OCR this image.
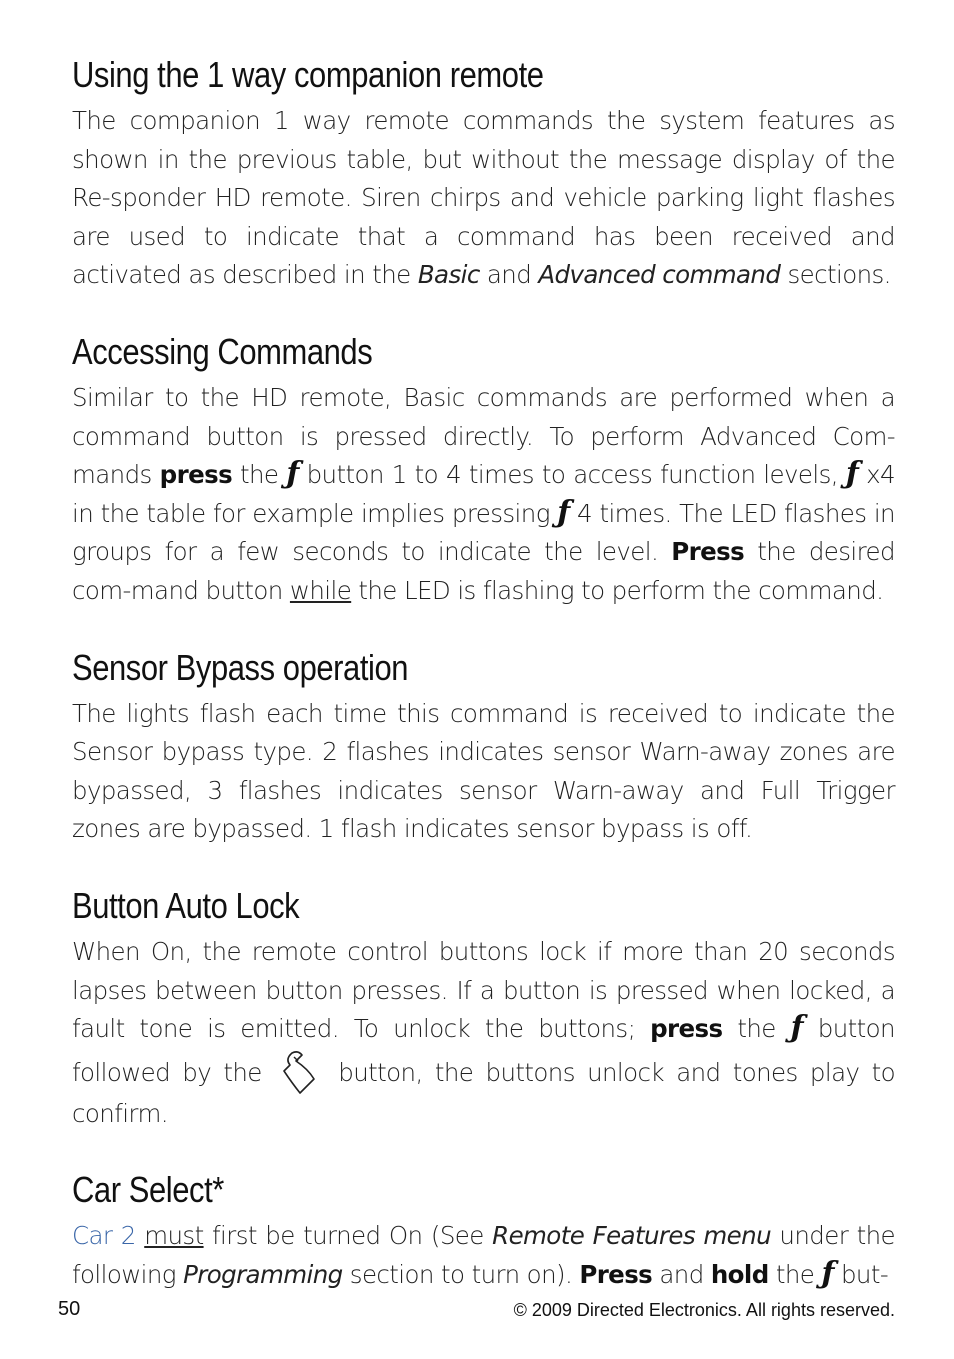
Using the 1 way companion remote

The companion 1 way remote commands the system features as shown in the previous table, but without the message display of the Re-sponder HD remote. Siren chirps and vehicle parking light flashes are used to indicate that a command has been received and activated as described in the Basic and Advanced command sections.

Accessing Commands

Similar to the HD remote, Basic commands are performed when a command button is pressed directly. To perform Advanced Com-mands press the ƒ button 1 to 4 times to access function levels, ƒ x4 in the table for example implies pressing ƒ 4 times. The LED flashes in groups for a few seconds to indicate the level. Press the desired com-mand button while the LED is flashing to perform the command.

Sensor Bypass operation

The lights flash each time this command is received to indicate the Sensor bypass type. 2 flashes indicates sensor Warn-away zones are bypassed, 3 flashes indicates sensor Warn-away and Full Trigger zones are bypassed. 1 flash indicates sensor bypass is off.

Button Auto Lock

When On, the remote control buttons lock if more than 20 seconds lapses between button presses. If a button is pressed when locked, a fault tone is emitted. To unlock the buttons; press the ƒ button followed by the  button, the buttons unlock and tones play to confirm.

Car Select*

Car 2 must first be turned On (See Remote Features menu under the following Programming section to turn on). Press and hold the ƒ but-

50	© 2009 Directed Electronics. All rights reserved.
